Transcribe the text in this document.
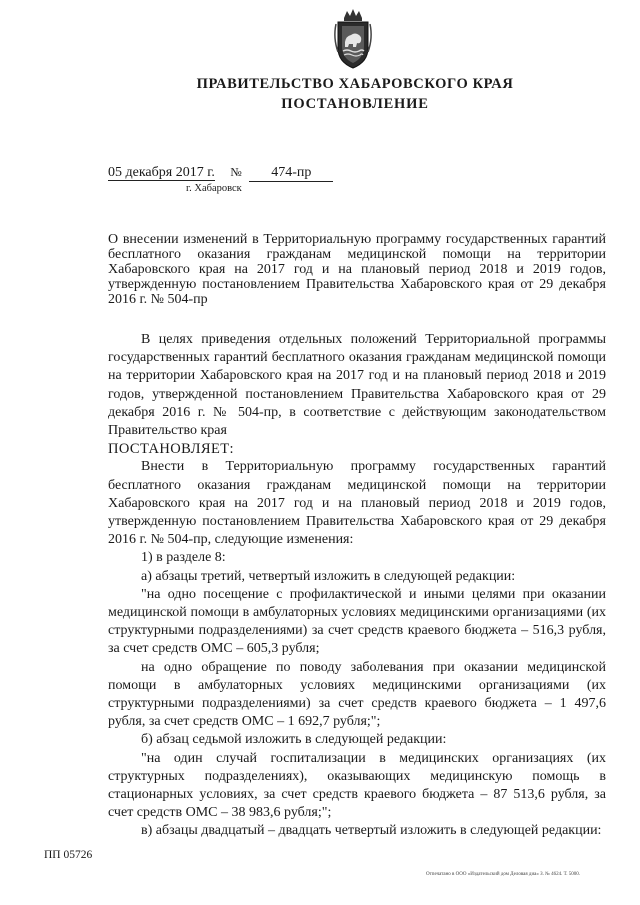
ПРАВИТЕЛЬСТВО ХАБАРОВСКОГО КРАЯ
ПОСТАНОВЛЕНИЕ
05 декабря 2017 г. № 474-пр
г. Хабаровск
О внесении изменений в Территориальную программу государственных гарантий бесплатного оказания гражданам медицинской помощи на территории Хабаровского края на 2017 год и на плановый период 2018 и 2019 годов, утвержденную постановлением Правительства Хабаровского края от 29 декабря 2016 г. № 504-пр

В целях приведения отдельных положений Территориальной программы государственных гарантий бесплатного оказания гражданам медицинской помощи на территории Хабаровского края на 2017 год и на плановый период 2018 и 2019 годов, утвержденной постановлением Правительства Хабаровского края от 29 декабря 2016 г. № 504-пр, в соответствие с действующим законодательством Правительство края

ПОСТАНОВЛЯЕТ:

Внести в Территориальную программу государственных гарантий бесплатного оказания гражданам медицинской помощи на территории Хабаровского края на 2017 год и на плановый период 2018 и 2019 годов, утвержденную постановлением Правительства Хабаровского края от 29 декабря 2016 г. № 504-пр, следующие изменения:

1) в разделе 8:

а) абзацы третий, четвертый изложить в следующей редакции:

"на одно посещение с профилактической и иными целями при оказании медицинской помощи в амбулаторных условиях медицинскими организациями (их структурными подразделениями) за счет средств краевого бюджета – 516,3 рубля, за счет средств ОМС – 605,3 рубля;

на одно обращение по поводу заболевания при оказании медицинской помощи в амбулаторных условиях медицинскими организациями (их структурными подразделениями) за счет средств краевого бюджета – 1 497,6 рубля, за счет средств ОМС – 1 692,7 рубля;";

б) абзац седьмой изложить в следующей редакции:

"на один случай госпитализации в медицинских организациях (их структурных подразделениях), оказывающих медицинскую помощь в стационарных условиях, за счет средств краевого бюджета – 87 513,6 рубля, за счет средств ОМС – 38 983,6 рубля;";

в) абзацы двадцатый – двадцать четвертый изложить в следующей редакции:

ПП 05726
Отпечатано в ООО «Издательский дом Деловая диа» З. № 4624. Т. 5000.
